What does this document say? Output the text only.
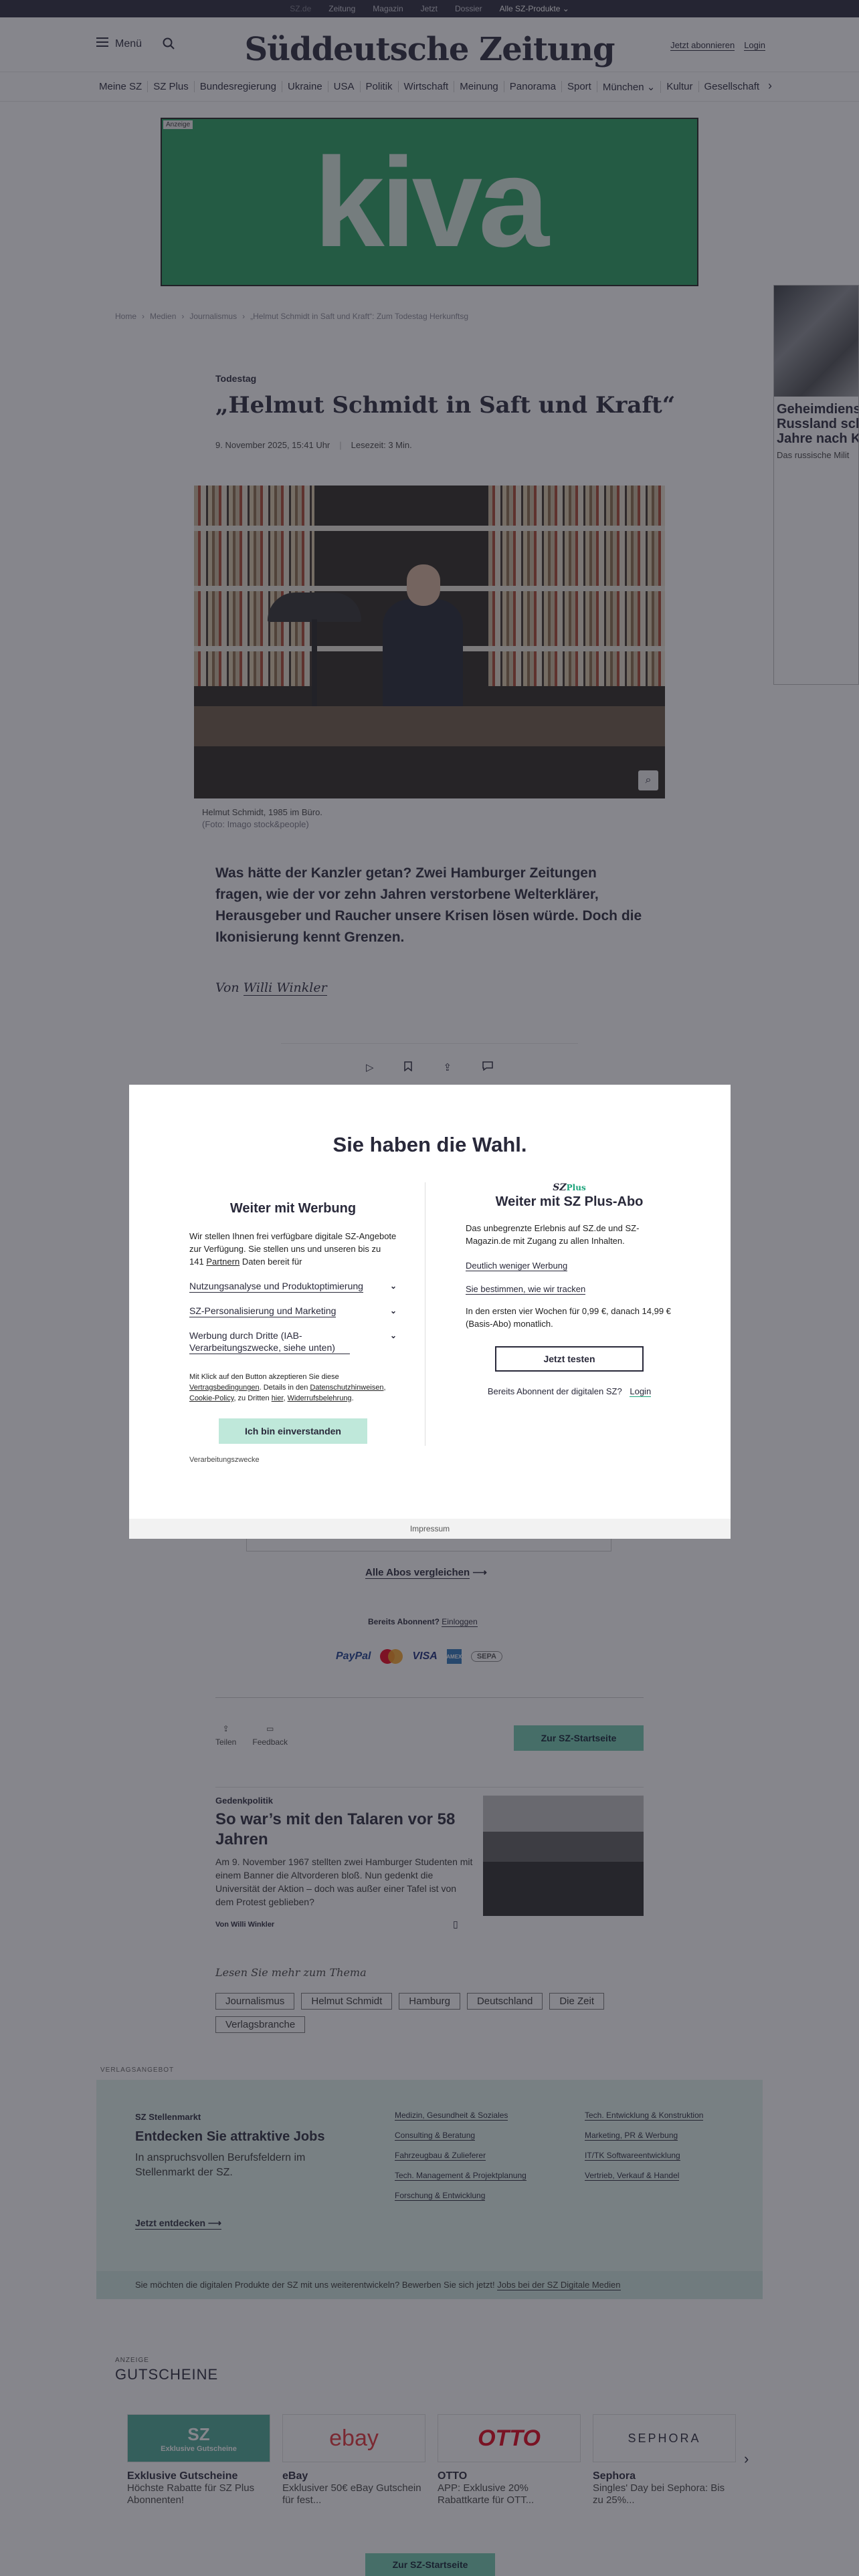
Sie haben die Wahl.
Weiter mit Werbung

Wir stellen Ihnen frei verfügbare digitale SZ-Angebote zur Verfügung. Sie stellen uns und unseren bis zu 141 Partnern Daten bereit für

Nutzungsanalyse und Produktoptimierung	⌄
SZ-Personalisierung und Marketing	⌄
Werbung durch Dritte (IAB-Verarbeitungszwecke, siehe unten)
⌄

Mit Klick auf den Button akzeptieren Sie diese Vertragsbedingungen. Details in den Datenschutzhinweisen, Cookie-Policy, zu Dritten hier, Widerrufsbelehrung.

Ich bin einverstanden
Verarbeitungszwecke
SZPlus
Weiter mit SZ Plus-Abo

Das unbegrenzte Erlebnis auf SZ.de und SZ-Magazin.de mit Zugang zu allen Inhalten.

Deutlich weniger Werbung
Sie bestimmen, wie wir tracken

In den ersten vier Wochen für 0,99 €, danach 14,99 € (Basis-Abo) monatlich.

Jetzt testen
Bereits Abonnent der digitalen SZ? Login
Impressum
